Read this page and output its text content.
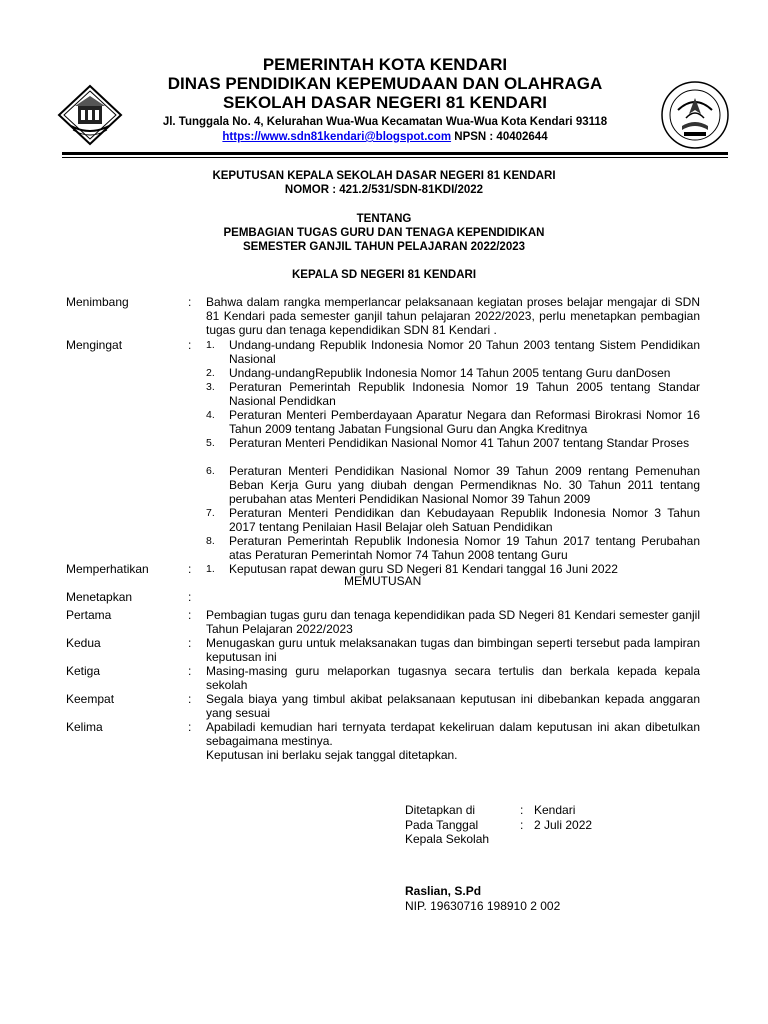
PEMERINTAH KOTA KENDARI
DINAS PENDIDIKAN KEPEMUDAAN DAN OLAHRAGA
SEKOLAH DASAR NEGERI 81 KENDARI
Jl. Tunggala No. 4, Kelurahan Wua-Wua Kecamatan Wua-Wua Kota Kendari 93118
https://www.sdn81kendari@blogspot.com NPSN : 40402644
KEPUTUSAN KEPALA SEKOLAH DASAR NEGERI 81 KENDARI
NOMOR : 421.2/531/SDN-81KDI/2022
TENTANG
PEMBAGIAN TUGAS GURU DAN TENAGA KEPENDIDIKAN
SEMESTER GANJIL TAHUN PELAJARAN 2022/2023
KEPALA SD NEGERI 81 KENDARI
Menimbang	: Bahwa dalam rangka memperlancar pelaksanaan kegiatan proses belajar mengajar di SDN 81 Kendari pada semester ganjil tahun pelajaran 2022/2023, perlu menetapkan pembagian tugas guru dan tenaga kependidikan SDN 81 Kendari .
Mengingat	: 1. Undang-undang Republik Indonesia Nomor 20 Tahun 2003 tentang Sistem Pendidikan Nasional
2. Undang-undangRepublik Indonesia Nomor 14 Tahun 2005 tentang Guru danDosen
3. Peraturan Pemerintah Republik Indonesia Nomor 19 Tahun 2005 tentang Standar Nasional Pendidkan
4. Peraturan Menteri Pemberdayaan Aparatur Negara dan Reformasi Birokrasi Nomor 16 Tahun 2009 tentang Jabatan Fungsional Guru dan Angka Kreditnya
5. Peraturan Menteri Pendidikan Nasional Nomor 41 Tahun 2007 tentang Standar Proses
6. Peraturan Menteri Pendidikan Nasional Nomor 39 Tahun 2009 rentang Pemenuhan Beban Kerja Guru yang diubah dengan Permendiknas No. 30 Tahun 2011 tentang perubahan atas Menteri Pendidikan Nasional Nomor 39 Tahun 2009
7. Peraturan Menteri Pendidikan dan Kebudayaan Republik Indonesia Nomor 3 Tahun 2017 tentang Penilaian Hasil Belajar oleh Satuan Pendidikan
8. Peraturan Pemerintah Republik Indonesia Nomor 19 Tahun 2017 tentang Perubahan atas Peraturan Pemerintah Nomor 74 Tahun 2008 tentang Guru
Memperhatikan	: 1. Keputusan rapat dewan guru SD Negeri 81 Kendari tanggal 16 Juni 2022
MEMUTUSAN
Menetapkan	:
Pertama	: Pembagian tugas guru dan tenaga kependidikan pada SD Negeri 81 Kendari semester ganjil Tahun Pelajaran 2022/2023
Kedua	: Menugaskan guru untuk melaksanakan tugas dan bimbingan seperti tersebut pada lampiran keputusan ini
Ketiga	: Masing-masing guru melaporkan tugasnya secara tertulis dan berkala kepada kepala sekolah
Keempat	: Segala biaya yang timbul akibat pelaksanaan keputusan ini dibebankan kepada anggaran yang sesuai
Kelima	: Apabiladi kemudian hari ternyata terdapat kekeliruan dalam keputusan ini akan dibetulkan sebagaimana mestinya.
Keputusan ini berlaku sejak tanggal ditetapkan.
Ditetapkan di	: Kendari
Pada Tanggal	: 2 Juli 2022
Kepala Sekolah
Raslian, S.Pd
NIP. 19630716 198910 2 002
